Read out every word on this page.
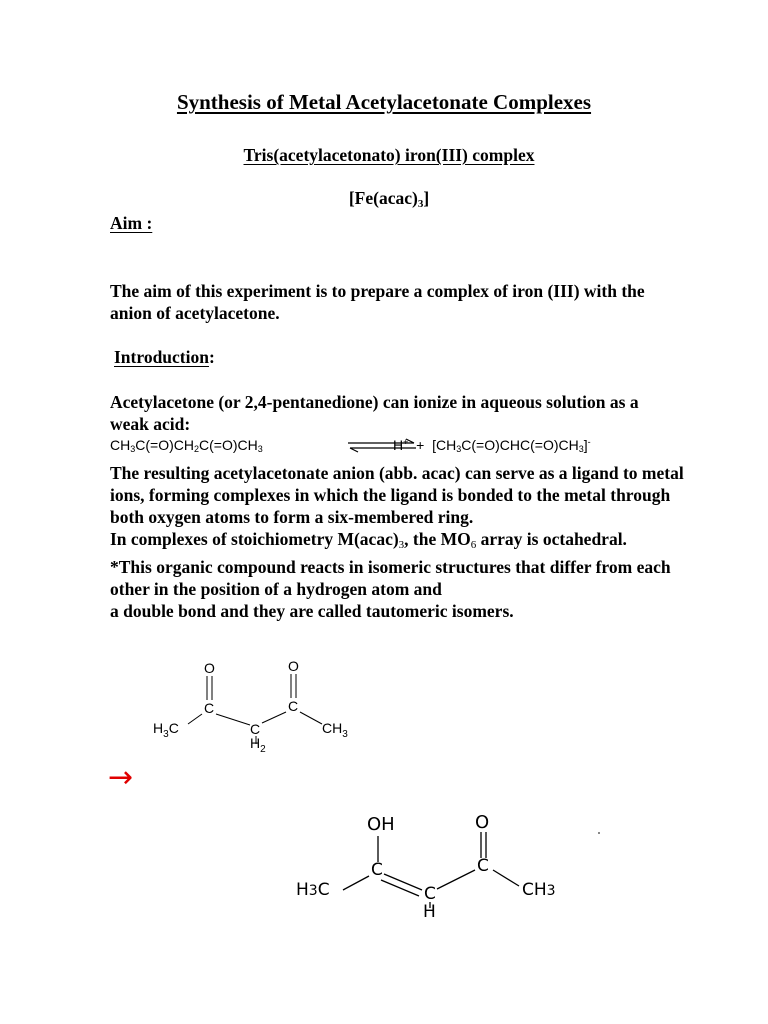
Synthesis of Metal Acetylacetonate Complexes
Tris(acetylacetonato) iron(III) complex
$[Fe(acac)_3]$
Aim :
The aim of this experiment is to prepare a complex of iron (III) with the anion of acetylacetone.
Introduction:
Acetylacetone (or 2,4-pentanedione) can ionize in aqueous solution as a weak acid:
$CH_3C(=O)CH_2C(=O)CH_3$	$H^+ + [CH_3C(=O)CHC(=O)CH_3]^-$

The resulting acetylacetonate anion (abb. acac) can serve as a ligand to metal ions, forming complexes in which the ligand is bonded to the metal through both oxygen atoms to form a six-membered ring.

In complexes of stoichiometry $M(acac)_3$, the $MO_6$ array is octahedral.

*This organic compound reacts in isomeric structures that differ from each other in the position of a hydrogen atom and

a double bond and they are called tautomeric isomers.

O	O
C	C
C
$H_3C$	$CH_3$
$H_2$
→
OH	O
C	C
C
H3C	CH3
H
